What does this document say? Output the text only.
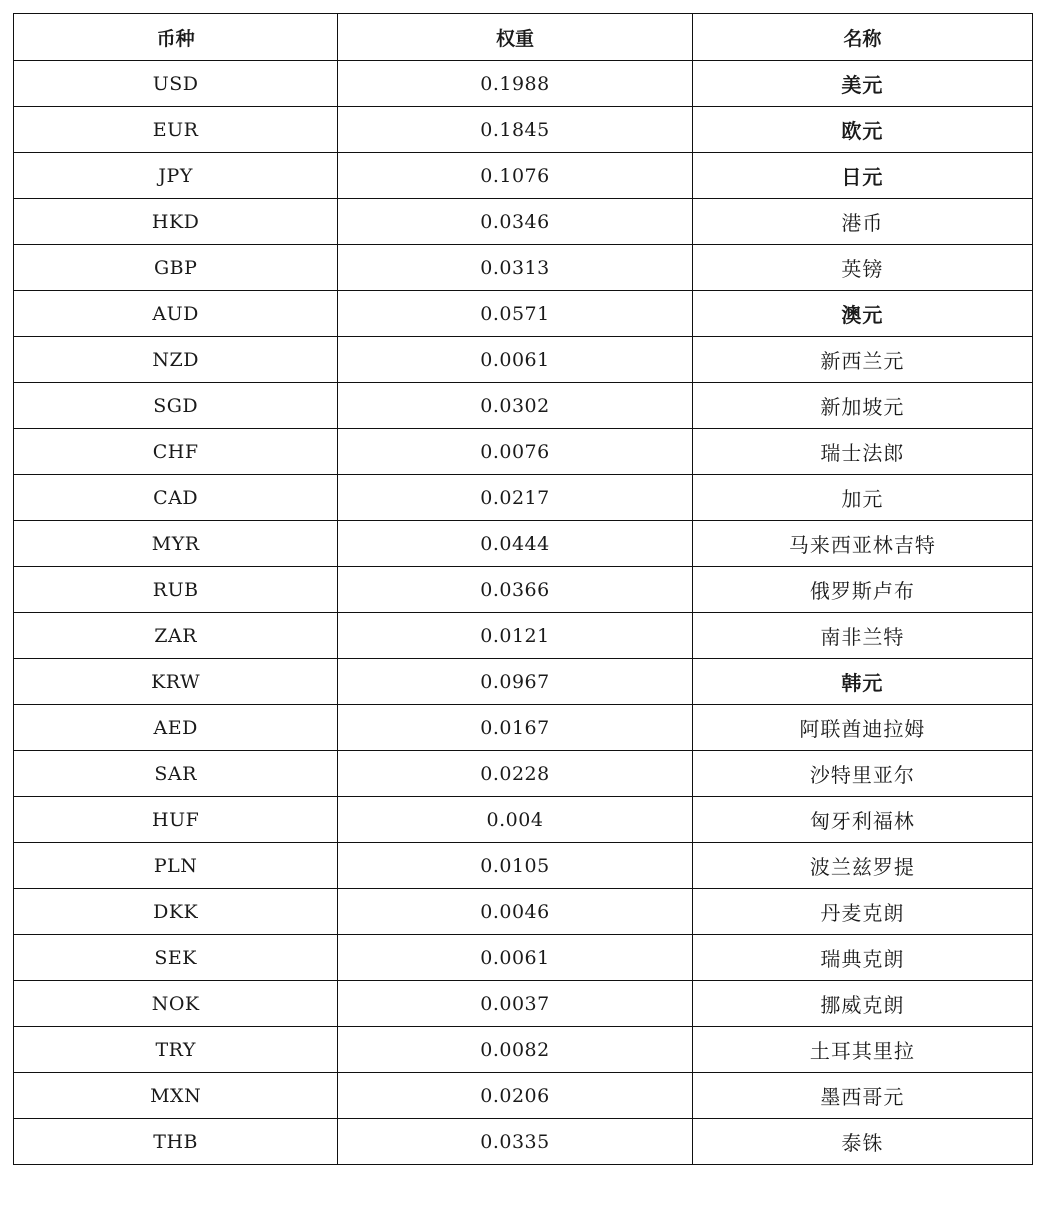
币种	权重	名称
USD	0.1988	美元
EUR	0.1845	欧元
JPY	0.1076	日元
HKD	0.0346	港币
GBP	0.0313	英镑
AUD	0.0571	澳元
NZD	0.0061	新西兰元
SGD	0.0302	新加坡元
CHF	0.0076	瑞士法郎
CAD	0.0217	加元
MYR	0.0444	马来西亚林吉特
RUB	0.0366	俄罗斯卢布
ZAR	0.0121	南非兰特
KRW	0.0967	韩元
AED	0.0167	阿联酋迪拉姆
SAR	0.0228	沙特里亚尔
HUF	0.004	匈牙利福林
PLN	0.0105	波兰兹罗提
DKK	0.0046	丹麦克朗
SEK	0.0061	瑞典克朗
NOK	0.0037	挪威克朗
TRY	0.0082	土耳其里拉
MXN	0.0206	墨西哥元
THB	0.0335	泰铢
